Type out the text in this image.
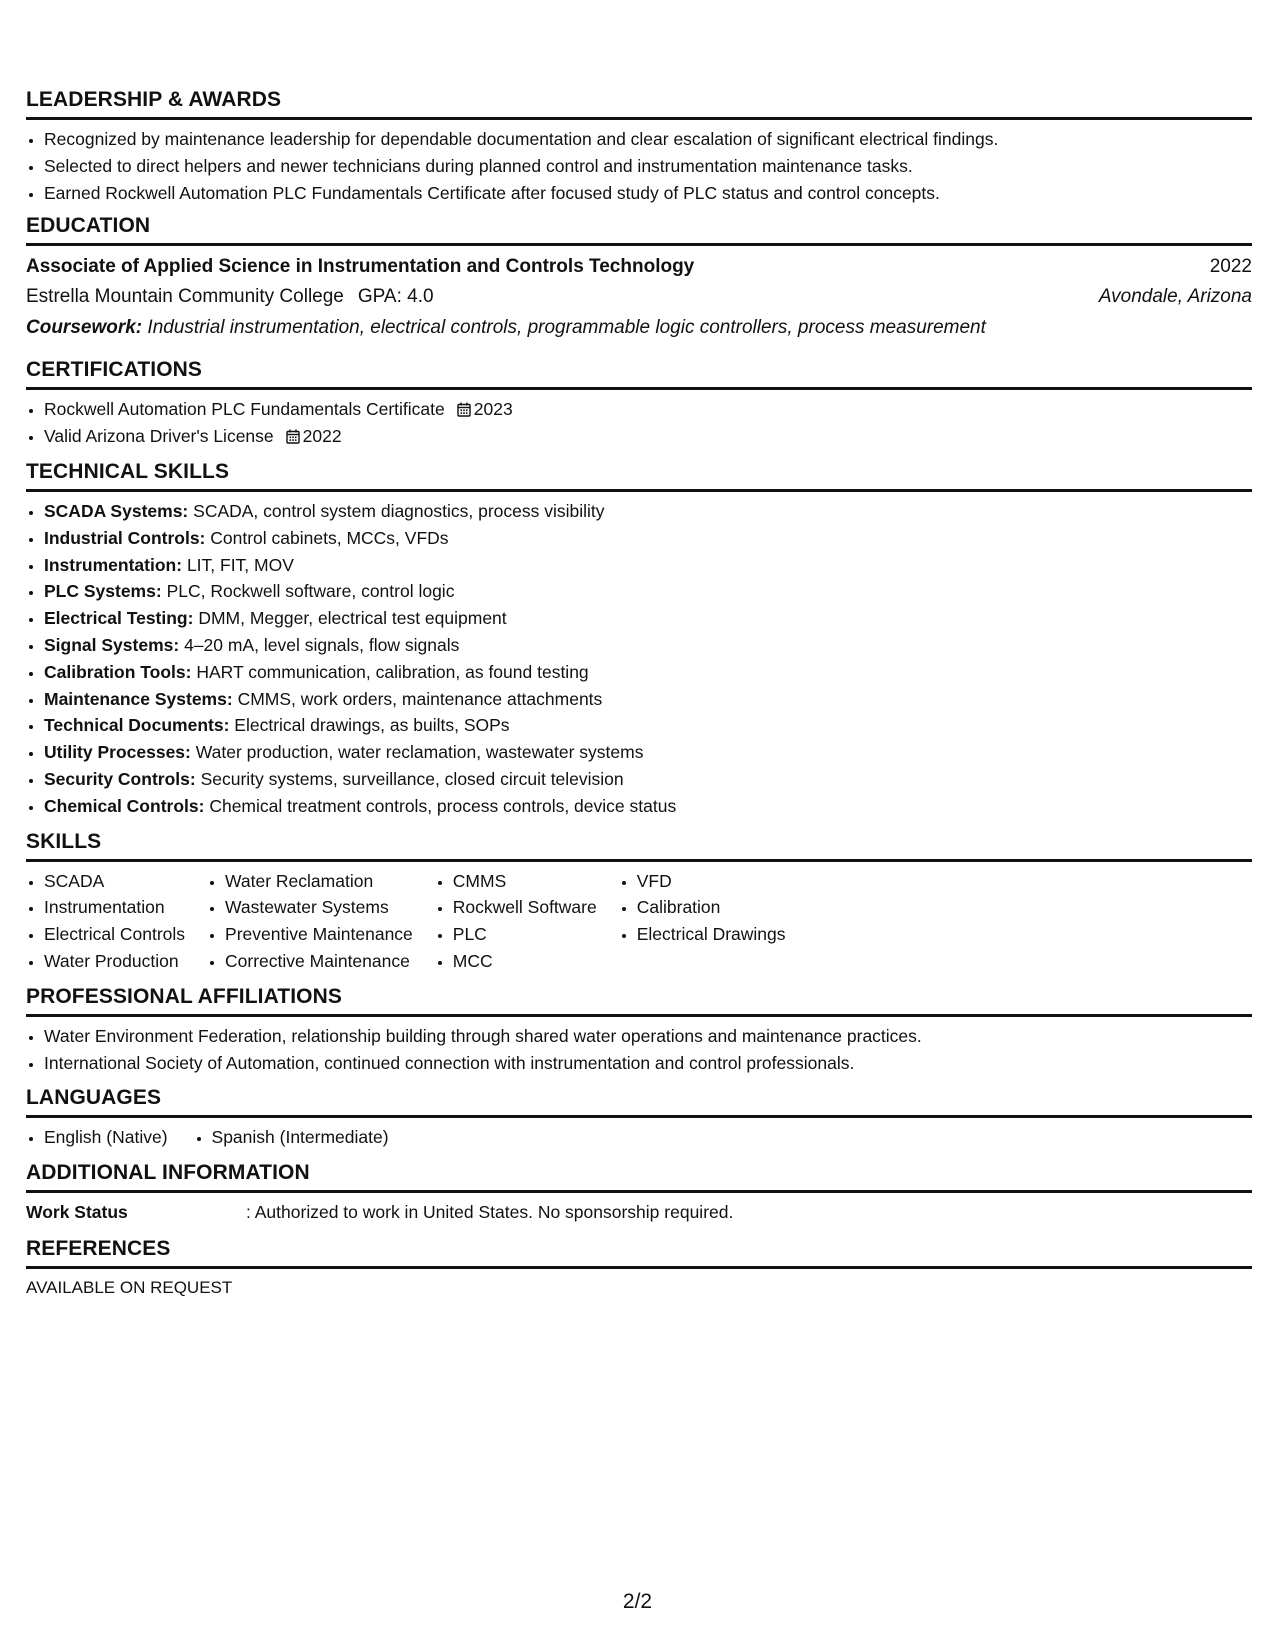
LEADERSHIP & AWARDS
• Recognized by maintenance leadership for dependable documentation and clear escalation of significant electrical findings.
• Selected to direct helpers and newer technicians during planned control and instrumentation maintenance tasks.
• Earned Rockwell Automation PLC Fundamentals Certificate after focused study of PLC status and control concepts.
EDUCATION
Associate of Applied Science in Instrumentation and Controls Technology	2022
Estrella Mountain Community College GPA: 4.0	Avondale, Arizona
Coursework: Industrial instrumentation, electrical controls, programmable logic controllers, process measurement
CERTIFICATIONS
• Rockwell Automation PLC Fundamentals Certificate 2023
• Valid Arizona Driver's License 2022
TECHNICAL SKILLS
• SCADA Systems: SCADA, control system diagnostics, process visibility
• Industrial Controls: Control cabinets, MCCs, VFDs
• Instrumentation: LIT, FIT, MOV
• PLC Systems: PLC, Rockwell software, control logic
• Electrical Testing: DMM, Megger, electrical test equipment
• Signal Systems: 4–20 mA, level signals, flow signals
• Calibration Tools: HART communication, calibration, as found testing
• Maintenance Systems: CMMS, work orders, maintenance attachments
• Technical Documents: Electrical drawings, as builts, SOPs
• Utility Processes: Water production, water reclamation, wastewater systems
• Security Controls: Security systems, surveillance, closed circuit television
• Chemical Controls: Chemical treatment controls, process controls, device status
SKILLS
• SCADA
• Instrumentation
• Electrical Controls
• Water Production
• Water Reclamation
• Wastewater Systems
• Preventive Maintenance
• Corrective Maintenance
• CMMS
• Rockwell Software
• PLC
• MCC
• VFD
• Calibration
• Electrical Drawings
PROFESSIONAL AFFILIATIONS
• Water Environment Federation, relationship building through shared water operations and maintenance practices.
• International Society of Automation, continued connection with instrumentation and control professionals.
LANGUAGES
• English (Native)
•	Spanish (Intermediate)
ADDITIONAL INFORMATION
Work Status	: Authorized to work in United States. No sponsorship required.
REFERENCES
AVAILABLE ON REQUEST
2/2
